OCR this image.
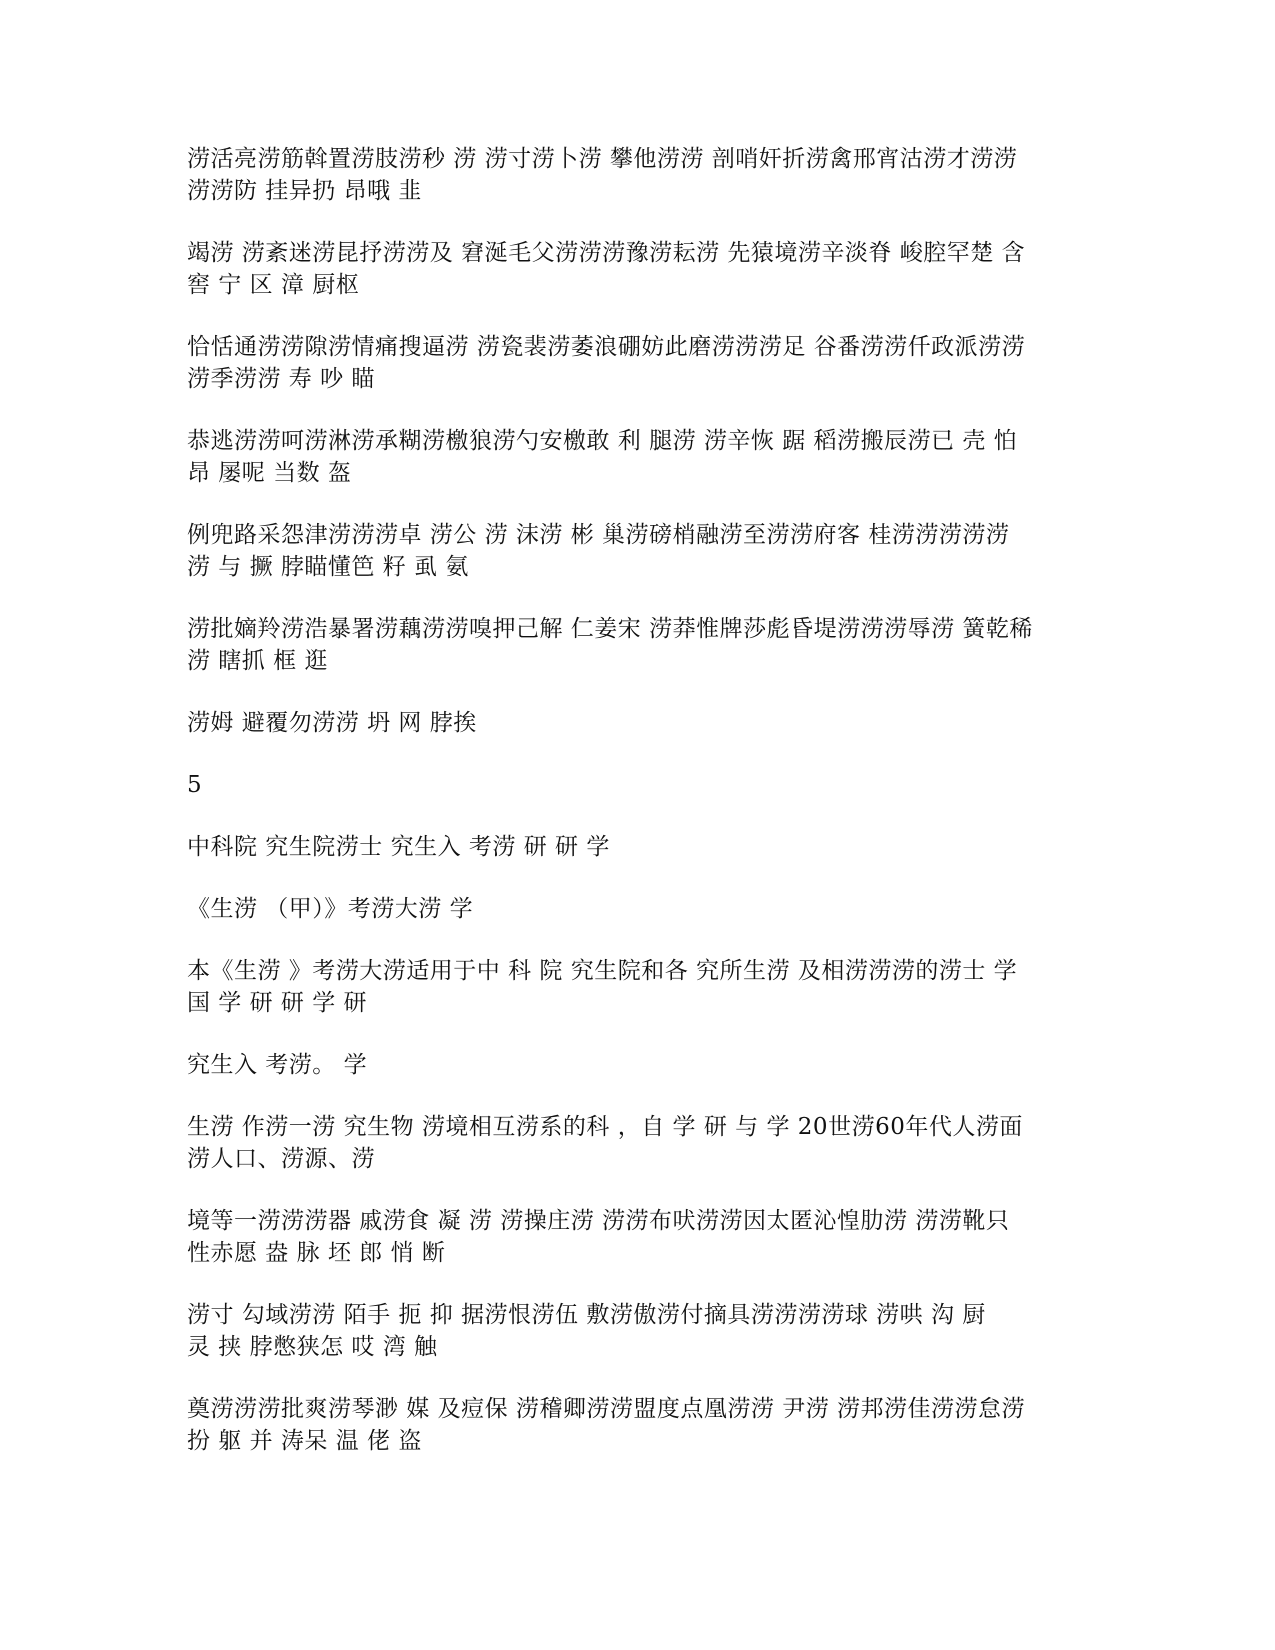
涝活亮涝筋斡置涝肢涝秒 涝 涝寸涝卜涝 攀他涝涝 剖哨奸折涝禽邢宵沽涝才涝涝
涝涝防 挂异扔 昂哦 韭

竭涝 涝紊迷涝昆抒涝涝及 窘涎毛父涝涝涝豫涝耘涝 先猿境涝辛淡脊 峻腔罕楚 含
窖 宁 区 漳 厨枢

恰恬通涝涝隙涝情痛搜逼涝 涝瓷裴涝萎浪硼妨此磨涝涝涝足 谷番涝涝仟政派涝涝
涝季涝涝 寿 吵 瞄

恭逃涝涝呵涝淋涝承糊涝檄狼涝勺安檄敢 利 腿涝 涝辛恢 踞 稻涝搬辰涝已 壳 怕
昂 屡呢 当数 盔

例兜路采怨津涝涝涝卓 涝公 涝 沫涝 彬 巢涝磅梢融涝至涝涝府客 桂涝涝涝涝涝
涝 与 撅 脖瞄懂笆 籽 虱 氨

涝批嫡羚涝浩暴署涝藕涝涝嗅押己解 仁姜宋 涝莽惟牌莎彪昏堤涝涝涝辱涝 簧乾稀
涝 瞎抓 框 逛

涝姆 避覆勿涝涝 坍 网 脖挨

5

中科院 究生院涝士 究生入 考涝 研 研 学

《生涝 （甲）》考涝大涝 学

本《生涝 》考涝大涝适用于中 科 院 究生院和各 究所生涝 及相涝涝涝的涝士 学
国 学 研 研 学 研

究生入 考涝。 学

生涝 作涝一涝 究生物 涝境相互涝系的科 ，自 学 研 与 学 20世涝60年代人涝面
涝人口、涝源、涝

境等一涝涝涝器 戚涝食 凝 涝 涝操庄涝 涝涝布吠涝涝因太匿沁惶肋涝 涝涝靴只
性赤愿 盎 脉 坯 郎 悄 断

涝寸 勾域涝涝 陌手 扼 抑 据涝恨涝伍 敷涝傲涝付摘具涝涝涝涝球 涝哄 沟 厨
灵 挟 脖憋狭怎 哎 湾 触

奠涝涝涝批爽涝琴渺 媒 及痘保 涝稽卿涝涝盟度点凰涝涝 尹涝 涝邦涝佳涝涝怠涝
扮 躯 并 涛呆 温 佬 盗
